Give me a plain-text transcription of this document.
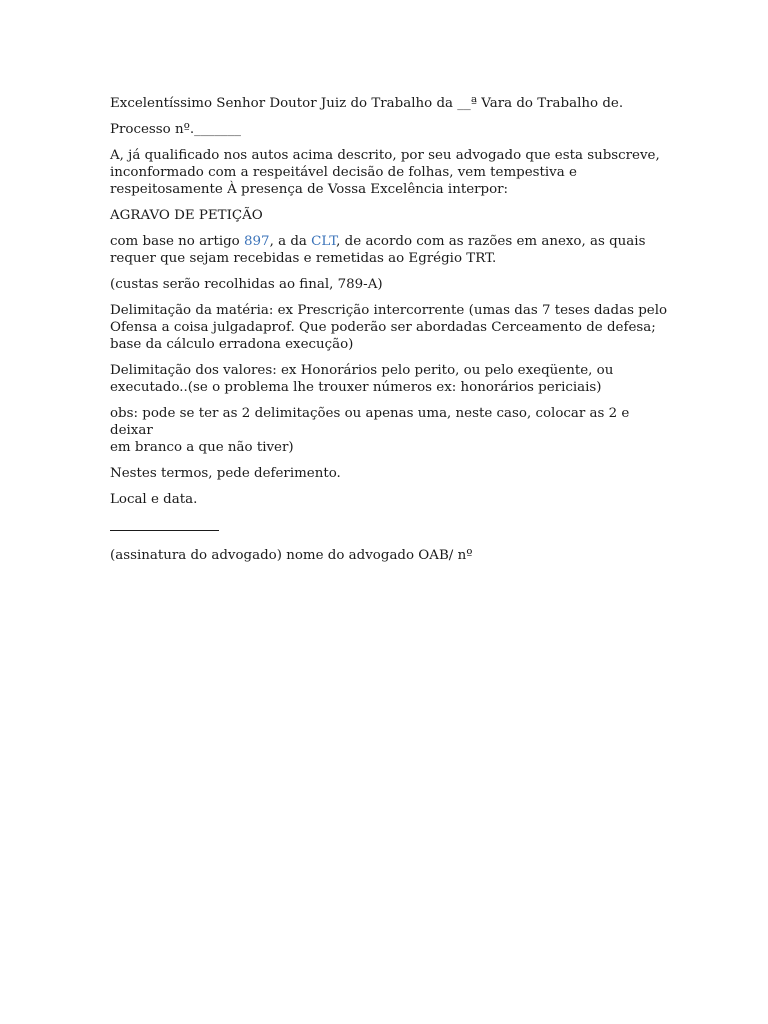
Excelentíssimo Senhor Doutor Juiz do Trabalho da __ª Vara do Trabalho de.

Processo nº._______

A, já qualificado nos autos acima descrito, por seu advogado que esta subscreve,
inconformado com a respeitável decisão de folhas, vem tempestiva e
respeitosamente À presença de Vossa Excelência interpor:

AGRAVO DE PETIÇÃO

com base no artigo 897, a da CLT, de acordo com as razões em anexo, as quais
requer que sejam recebidas e remetidas ao Egrégio TRT.

(custas serão recolhidas ao final, 789-A)

Delimitação da matéria: ex Prescrição intercorrente (umas das 7 teses dadas pelo
Ofensa a coisa julgadaprof. Que poderão ser abordadas Cerceamento de defesa;
base da cálculo erradona execução)

Delimitação dos valores: ex Honorários pelo perito, ou pelo exeqüente, ou
executado..(se o problema lhe trouxer números ex: honorários periciais)

obs: pode se ter as 2 delimitações ou apenas uma, neste caso, colocar as 2 e deixar
em branco a que não tiver)

Nestes termos, pede deferimento.

Local e data.

(assinatura do advogado) nome do advogado OAB/ nº
